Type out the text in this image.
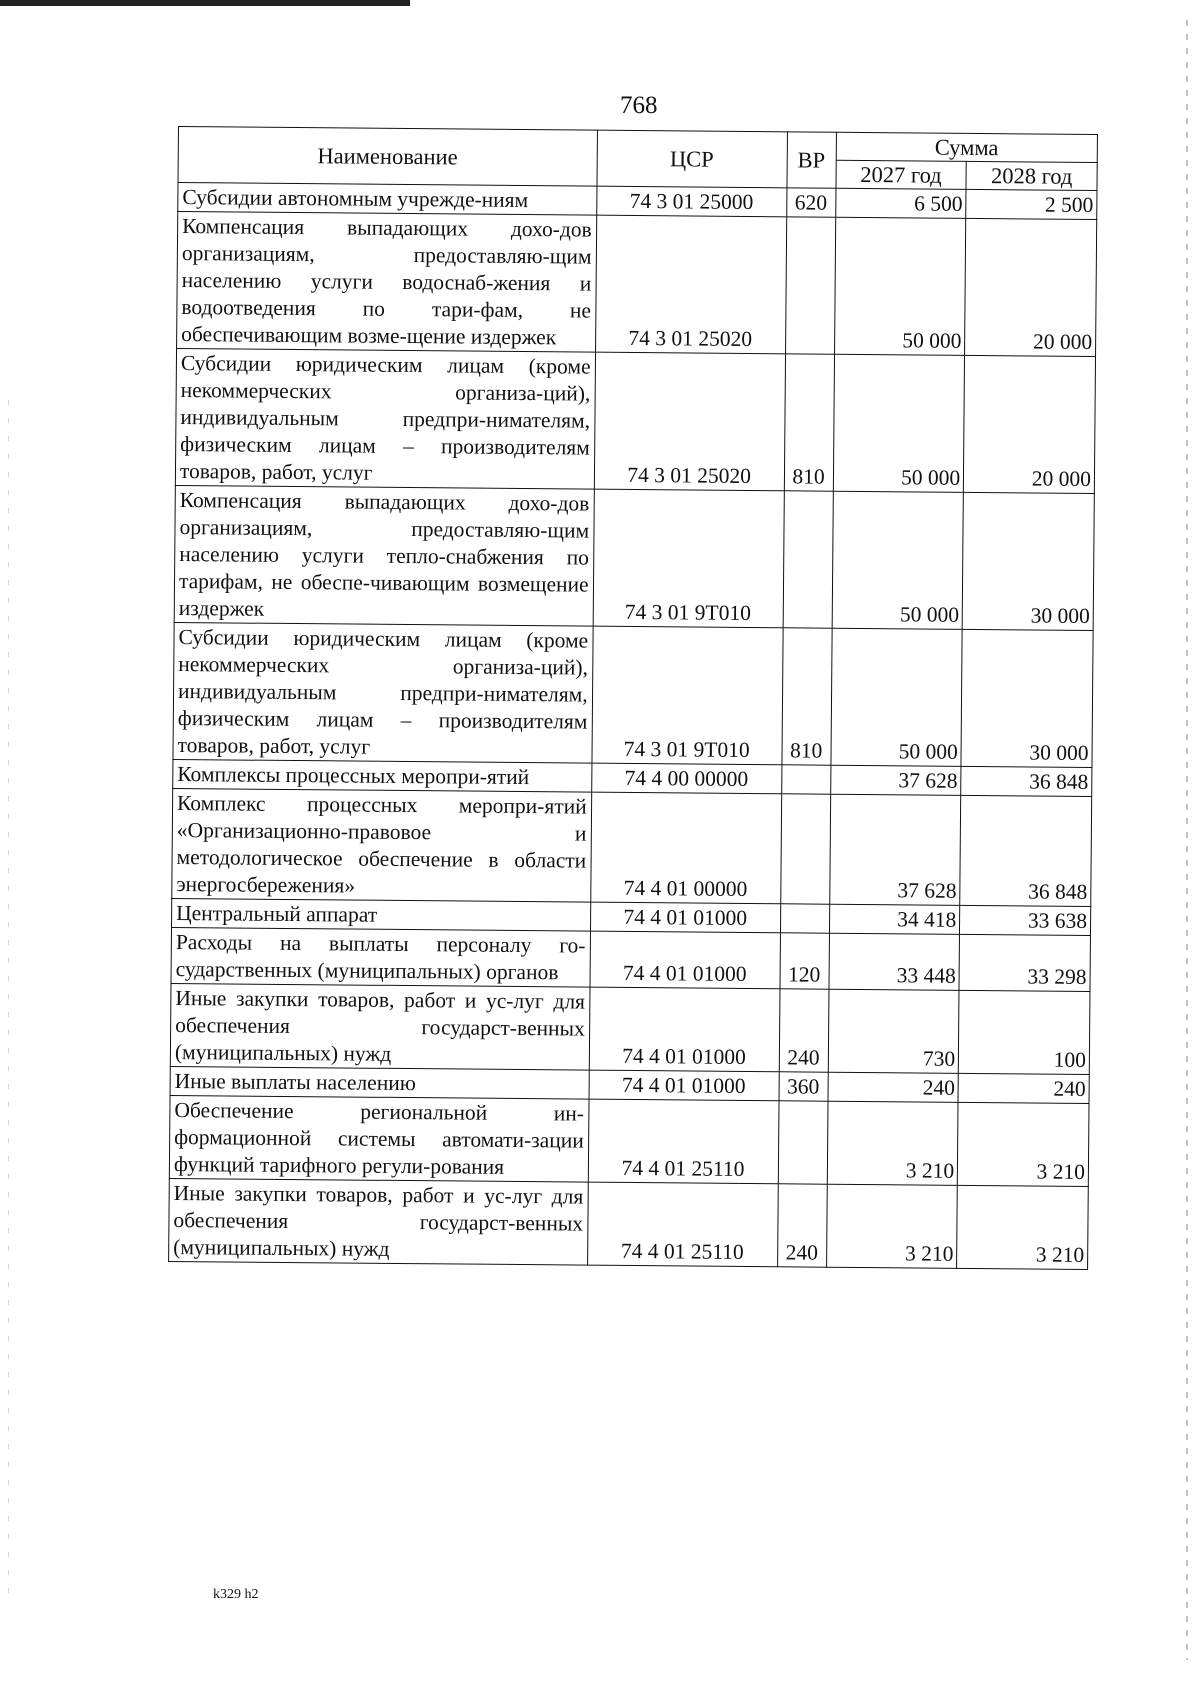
768
Наименование	ЦСР	ВР	Сумма	
			2027 год	2028 год
Субсидии автономным учрежде-ниям	74 3 01 25000	620	6 500	2 500
Компенсация выпадающих дохо-дов организациям, предоставляю-щим населению услуги водоснаб-жения и водоотведения по тари-фам, не обеспечивающим возме-щение издержек	74 3 01 25020		50 000	20 000
Субсидии юридическим лицам (кроме некоммерческих организа-ций), индивидуальным предпри-нимателям, физическим лицам – производителям товаров, работ, услуг	74 3 01 25020	810	50 000	20 000
Компенсация выпадающих дохо-дов организациям, предоставляю-щим населению услуги тепло-снабжения по тарифам, не обеспе-чивающим возмещение издержек	74 3 01 9Т010		50 000	30 000
Субсидии юридическим лицам (кроме некоммерческих организа-ций), индивидуальным предпри-нимателям, физическим лицам – производителям товаров, работ, услуг	74 3 01 9Т010	810	50 000	30 000
Комплексы процессных меропри-ятий	74 4 00 00000		37 628	36 848
Комплекс процессных меропри-ятий «Организационно-правовое и методологическое обеспечение в области энергосбережения»	74 4 01 00000		37 628	36 848
Центральный аппарат	74 4 01 01000		34 418	33 638
Расходы на выплаты персоналу го-сударственных (муниципальных) органов	74 4 01 01000	120	33 448	33 298
Иные закупки товаров, работ и ус-луг для обеспечения государст-венных (муниципальных) нужд	74 4 01 01000	240	730	100
Иные выплаты населению	74 4 01 01000	360	240	240
Обеспечение региональной ин-формационной системы автомати-зации функций тарифного регули-рования	74 4 01 25110		3 210	3 210
Иные закупки товаров, работ и ус-луг для обеспечения государст-венных (муниципальных) нужд	74 4 01 25110	240	3 210	3 210
k329 h2
